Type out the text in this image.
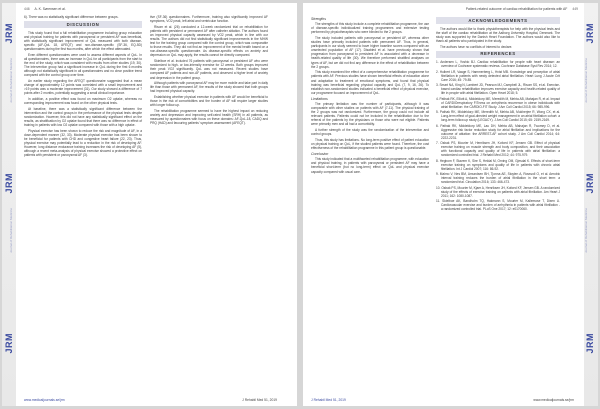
JRM
JRM
JRM
Journal of Rehabilitation Medicine
Journal of Rehabilitation Medicine
446 A. K. Sørensen et al.

6). There was no statistically significant difference between groups.

DISCUSSION

This study found that a full rehabilitation programme including group education and physical training for patients with paroxysmal or persistent AF was beneficial, with statistically significant improvement of QoL measured with both disease-specific (AF-QoL 18, AFEQT) and non-disease-specific (SF-36, EQ-5D) questionnaires during the first two months, after which the effect attenuated.

Even different questionnaires were used to assess different aspects of QoL. In all questionnaires, there was an increase in QoL for all participants from the start to the end of the study, which was consistent with results from other studies (19, 30). The intervention group had a significant increase in QoL during the first 6 months although not statistically significant in all questionnaires and no clear positive trend compared with the control group over time.

An earlier study regarding the AFEQT questionnaire suggested that a mean change of approximately 12 points was correlated with a small improvement and >19 points was a moderate improvement (31). Our study showed a difference of 7 points after 2 months, potentially suggesting a small clinical importance.

In addition, a positive effect was found on maximum O2 uptake, whereas no corresponding improvement was found on the other physical tests.

At baseline, there was a statistically significant difference between the intervention and the control groups in the performance of the physical tests despite randomization. However, this did not have any statistically significant effect on the results, as stratification by O2 uptake found that there was no difference in effect of training in patients with low O2 uptake compared with those with a high uptake.

Physical exercise has been shown to reduce the risk and magnitude of AF, in a dose-dependent manner (32, 33). Moderate physical exercise has been shown to be beneficial for patients with CHD and congestive heart failure (22, 23). Thus, physical exercise may potentially lead to a reduction in the risk of developing AF. However, long distance endurance training increases the risk of developing AF (5), although a recent meta-analysis of physical exercise showed a protective effect on patients with persistent or paroxysmal AF (3).

tive (SF-36) questionnaires. Furthermore, training also significantly improved AF symptoms, VO2 peak, left atrial and ventricular function.

Risom et al. (26) conducted a 12-week randomized trial on rehabilitation for patients with persistent or permanent AF after catheter ablation. The authors found an improved physical capacity assessed by VO2 peak, which in line with our results. The authors did not find statistically significant improvements in the MHW test for the training group compared with the control group, which was comparable to those results. They did not find an improvement of the mental health based on a non-disease-specific questionnaire. As disease-specific effects on anxiety and depression on QoL may apply, the results cannot be directly compared.

Skielboe et al. included 76 patients with paroxysmal or persistent AF who were randomized to high- or low-intensity exercise for 12 weeks. Both groups improved their peak VO2 significantly. QoL was not measured. Recent studies have compared AF patients and non-AF patients, and observed a higher level of anxiety and depression in the patient group.

Although patients with paroxysmal AF may be more mobile and take part in daily life than those with permanent AF, the results of the study showed that both groups had improved physical capacity.

Establishing whether physical exercise in patients with AF would be beneficial to those in the risk of comorbidities and the burden of AF will require larger studies with longer follow-up.

The rehabilitation programme seemed to have the highest impact on reducing anxiety and depression and improving self-rated health (SRH) in all patients, as measured by questionnaires with focus on these domains: AF-QoL-18, CADQ and PRQ (HAD) and favouring patients' symptom assessment (AFEQT).

www.medicaljournals.se/jrm	J Rehabil Med 51, 2019
JRM
JRM
JRM
Journal of Rehabilitation Medicine
Journal of Rehabilitation Medicine
Patient-related outcome of cardiac rehabilitation for patients with AF 449
Strengths

The strengths of this study include a complete rehabilitation programme, the use of disease-specific individualized training programmes and extensive testing performed by physiotherapists who were blinded to the 2 groups.

The study included patients with paroxysmal or persistent AF, whereas other studies have primarily included patients with permanent AF. Thus, in general, participants in our study seemed to have higher baseline scores compared with an unselected population of AF (17). Disabled et al. have previously shown that progression from paroxysmal to persistent AF is associated with a decrease in health-related quality of life (30). We therefore performed stratified analyses on types of AF, but we did not find any difference in the effect of rehabilitation between the 2 groups.

This study examined the effect of a comprehensive rehabilitation programme for patients with AF. Previous studies have shown beneficial effects of education alone and adaptation to treatment of emotional symptoms, and found that physical training was beneficial regarding physical capacity and QoL (7, 9, 16, 26). To establish non-randomized studies indicated a beneficial effect of physical exercise, our programme focused on improvement of QoL.

Limitations

The primary limitation was the number of participants, although it was comparable with other studies on patients with AF (7-11). The physical training of the 2 groups was not randomized. Furthermore, the group could not include all relevant patients. Patients could not be included in the rehabilitation due to the referral of the patients by the physicians or those who were not eligible. Patients were primarily men and all had a comorbidity.

A further strength of the study was the randomization of the intervention and control groups.

Thus, this study has limitations. No long-term positive effect of patient education on physical training on QoL, if the studied patients were found. Therefore, the cost effectiveness of the rehabilitation programme in this patient group is questionable.

Conclusion

This study indicated that a multifaceted rehabilitation programme, with education and physical training, in patients with paroxysmal or persistent AF may have a beneficial short-term (but no long-term) effect on QoL and physical exercise capacity compared with usual care.

ACKNOWLEDGEMENTS

The authors would like to thank physiotherapists for help with the physical tests and the staff of the cardiac rehabilitation at the Aalborg University Hospital, Denmark. The study was supported by the Danish Heart Foundation. The authors would also like to thank all patients who participated in the study.

The authors have no conflicts of interest to declare.

REFERENCES
1. Andersen L, Yoshio BJ. Cardiac rehabilitation for people with heart disease: an overview of Cochrane systematic reviews. Cochrane Database Syst Rev 2014; 12.
2. Hulbert LR, Vaage S, Hammerberg L, Hvist MB. Knowledge and perception of atrial fibrillation in patients with newly detected atrial fibrillation. Heart Lung J Acute Crit Care 2016; 45: 79-85.
3. Smart NA, King N, Lambert JD, Pearson MJ, Campbell JL, Risom SS, et al. Exercise-based cardiac rehabilitation improves exercise capacity and health-related quality of life in people with atrial fibrillation. Open Heart 2018; 5.
4. Pathak RK, Elliott A, Middeldorp ME, Meredith M, Mehta AB, Mahajan R, et al. Impact of CARDIOrespiratory FITness on arrhythmia recurrence in obese individuals with atrial fibrillation: the CARDIO-FIT Study. J Am Coll Cardiol 2015; 66: 985-996.
5. Pathak RK, Middeldorp ME, Meredith M, Mehta AB, Mukherjee R, Wong CX, et al. Long-term effect of goal-directed weight management in an atrial fibrillation cohort: a long-term follow-up study (LEGACY). J Am Coll Cardiol 2015; 65: 2159-2169.
6. Pathak RK, Middeldorp ME, Lau DH, Mehta AB, Mahajan R, Twomey D, et al. Aggressive risk factor reduction study for atrial fibrillation and implications for the outcome of ablation: the ARREST-AF cohort study. J Am Coll Cardiol 2014; 64: 2222-2231.
7. Osbak PS, Mourier M, Henriksen JH, Kofoed KF, Jensen GB. Effect of physical exercise training on muscle strength and body composition, and their association with functional capacity and quality of life in patients with atrial fibrillation: a randomized controlled trial. J Rehabil Med 2012; 44: 975-979.
8. Hegbom F, Stavem K, Sire S, Heldal M, Orning OM, Gjesdal K. Effects of short-term exercise training on symptoms and quality of life in patients with chronic atrial fibrillation. Int J Cardiol 2007; 116: 86-92.
9. Malmo V, Nes BM, Amundsen BH, Tjonna AE, Stoylen A, Rossvoll O, et al. Aerobic interval training reduces the burden of atrial fibrillation in the short term: a randomized trial. Circulation 2016; 133: 466-473.
10. Osbak PS, Mourier M, Kjaer A, Henriksen JH, Kofoed KF, Jensen GB. A randomized study of the effects of exercise training on patients with atrial fibrillation. Am Heart J 2011; 162: 1080-1087.
11. Skielboe AK, Bandholm TQ, Hakmann S, Mourier M, Kallemose T, Dixen U. Cardiovascular exercise and burden of arrhythmia in patients with atrial fibrillation - a randomized controlled trial. PLoS One 2017; 12: e0170060.
J Rehabil Med 51, 2019	www.medicaljournals.se/jrm
